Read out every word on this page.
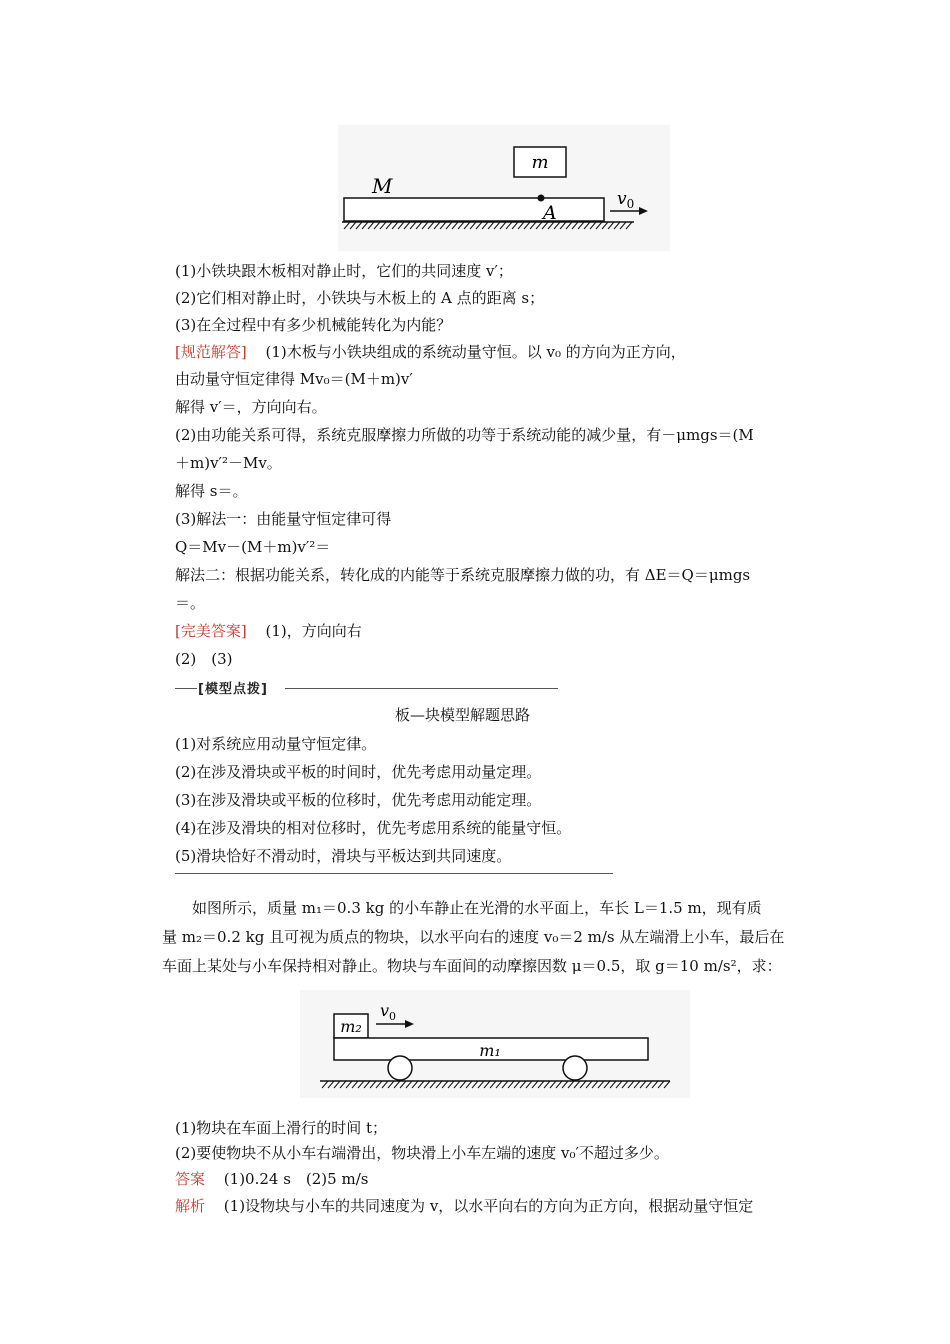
m
M
A
$v_0$
(1)小铁块跟木板相对静止时，它们的共同速度 v′；
(2)它们相对静止时，小铁块与木板上的 A 点的距离 s；
(3)在全过程中有多少机械能转化为内能？
[规范解答] (1)木板与小铁块组成的系统动量守恒。以 v₀ 的方向为正方向，
由动量守恒定律得 Mv₀＝(M＋m)v′
解得 v′＝，方向向右。
(2)由功能关系可得，系统克服摩擦力所做的功等于系统动能的减少量，有－μmgs＝(M
＋m)v′²－Mv。
解得 s＝。
(3)解法一：由能量守恒定律可得
Q＝Mv－(M＋m)v′²＝
解法二：根据功能关系，转化成的内能等于系统克服摩擦力做的功，有 ΔE＝Q＝μmgs
＝。
[完美答案] (1)，方向向右
(2)　(3)
[模型点拨]
板—块模型解题思路
(1)对系统应用动量守恒定律。
(2)在涉及滑块或平板的时间时，优先考虑用动量定理。
(3)在涉及滑块或平板的位移时，优先考虑用动能定理。
(4)在涉及滑块的相对位移时，优先考虑用系统的能量守恒。
(5)滑块恰好不滑动时，滑块与平板达到共同速度。
如图所示，质量 m₁＝0.3 kg 的小车静止在光滑的水平面上，车长 L＝1.5 m，现有质
量 m₂＝0.2 kg 且可视为质点的物块，以水平向右的速度 v₀＝2 m/s 从左端滑上小车，最后在
车面上某处与小车保持相对静止。物块与车面间的动摩擦因数 μ＝0.5，取 g＝10 m/s²，求：
m₂
$v_0$
m₁
(1)物块在车面上滑行的时间 t；
(2)要使物块不从小车右端滑出，物块滑上小车左端的速度 v₀′不超过多少。
答案 (1)0.24 s　(2)5 m/s
解析 (1)设物块与小车的共同速度为 v，以水平向右的方向为正方向，根据动量守恒定
